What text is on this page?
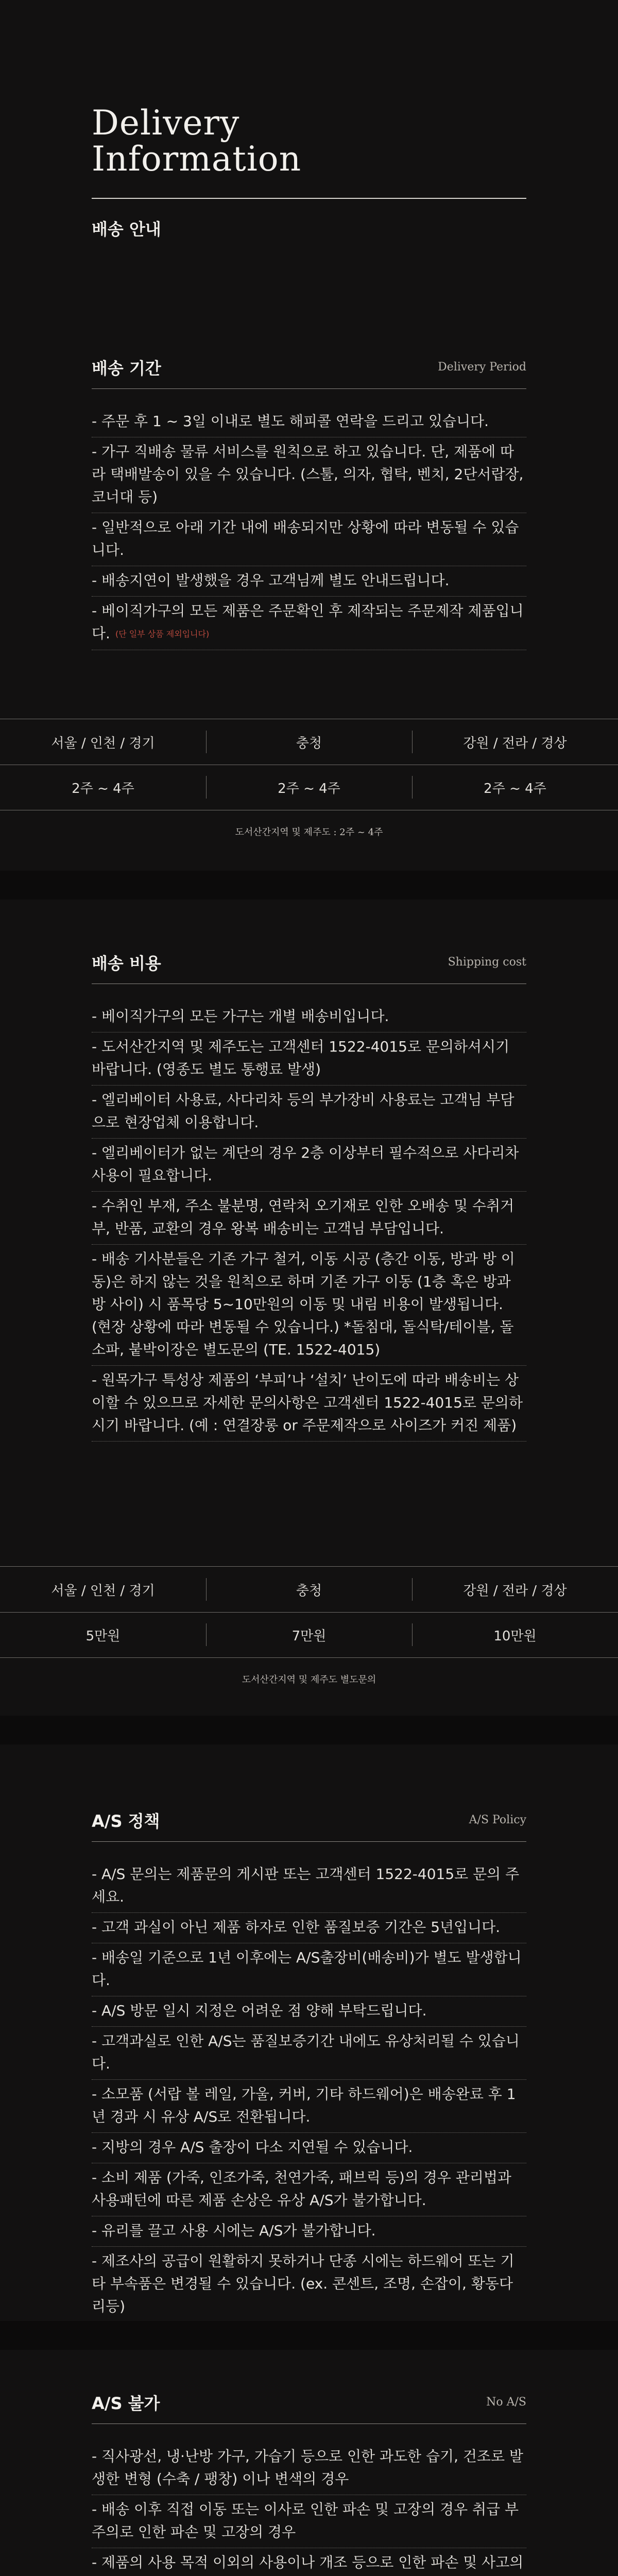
Delivery
Information
배송 안내
배송 기간	Delivery Period
- 주문 후 1 ~ 3일 이내로 별도 해피콜 연락을 드리고 있습니다.
- 가구 직배송 물류 서비스를 원칙으로 하고 있습니다. 단, 제품에 따라 택배발송이 있을 수 있습니다. (스툴, 의자, 협탁, 벤치, 2단서랍장, 코너대 등)
- 일반적으로 아래 기간 내에 배송되지만 상황에 따라 변동될 수 있습니다.
- 배송지연이 발생했을 경우 고객님께 별도 안내드립니다.
- 베이직가구의 모든 제품은 주문확인 후 제작되는 주문제작 제품입니다. (단 일부 상품 제외입니다)
서울 / 인천 / 경기	충청	강원 / 전라 / 경상
2주 ~ 4주	2주 ~ 4주	2주 ~ 4주
도서산간지역 및 제주도 : 2주 ~ 4주
배송 비용	Shipping cost
- 베이직가구의 모든 가구는 개별 배송비입니다.
- 도서산간지역 및 제주도는 고객센터 1522-4015로 문의하셔시기 바랍니다. (영종도 별도 통행료 발생)
- 엘리베이터 사용료, 사다리차 등의 부가장비 사용료는 고객님 부담으로 현장업체 이용합니다.
- 엘리베이터가 없는 계단의 경우 2층 이상부터 필수적으로 사다리차 사용이 필요합니다.
- 수취인 부재, 주소 불분명, 연락처 오기재로 인한 오배송 및 수취거부, 반품, 교환의 경우 왕복 배송비는 고객님 부담입니다.
- 배송 기사분들은 기존 가구 철거, 이동 시공 (층간 이동, 방과 방 이동)은 하지 않는 것을 원칙으로 하며 기존 가구 이동 (1층 혹은 방과 방 사이) 시 품목당 5~10만원의 이동 및 내림 비용이 발생됩니다. (현장 상황에 따라 변동될 수 있습니다.) *돌침대, 돌식탁/테이블, 돌소파, 붙박이장은 별도문의 (TE. 1522-4015)
- 원목가구 특성상 제품의 ‘부피’나 ‘설치’ 난이도에 따라 배송비는 상이할 수 있으므로 자세한 문의사항은 고객센터 1522-4015로 문의하시기 바랍니다. (예 : 연결장롱 or 주문제작으로 사이즈가 커진 제품)
서울 / 인천 / 경기	충청	강원 / 전라 / 경상
5만원	7만원	10만원
도서산간지역 및 제주도 별도문의
A/S 정책	A/S Policy
- A/S 문의는 제품문의 게시판 또는 고객센터 1522-4015로 문의 주세요.
- 고객 과실이 아닌 제품 하자로 인한 품질보증 기간은 5년입니다.
- 배송일 기준으로 1년 이후에는 A/S출장비(배송비)가 별도 발생합니다.
- A/S 방문 일시 지정은 어려운 점 양해 부탁드립니다.
- 고객과실로 인한 A/S는 품질보증기간 내에도 유상처리될 수 있습니다.
- 소모품 (서랍 볼 레일, 가울, 커버, 기타 하드웨어)은 배송완료 후 1년 경과 시 유상 A/S로 전환됩니다.
- 지방의 경우 A/S 출장이 다소 지연될 수 있습니다.
- 소비 제품 (가죽, 인조가죽, 천연가죽, 패브릭 등)의 경우 관리법과 사용패턴에 따른 제품 손상은 유상 A/S가 불가합니다.
- 유리를 끌고 사용 시에는 A/S가 불가합니다.
- 제조사의 공급이 원활하지 못하거나 단종 시에는 하드웨어 또는 기타 부속품은 변경될 수 있습니다. (ex. 콘센트, 조명, 손잡이, 황동다리등)
A/S 불가	No A/S
- 직사광선, 냉·난방 가구, 가습기 등으로 인한 과도한 습기, 건조로 발생한 변형 (수축 / 팽창) 이나 변색의 경우
- 배송 이후 직접 이동 또는 이사로 인한 파손 및 고장의 경우 취급 부주의로 인한 파손 및 고장의 경우
- 제품의 사용 목적 이외의 사용이나 개조 등으로 인한 파손 및 사고의
